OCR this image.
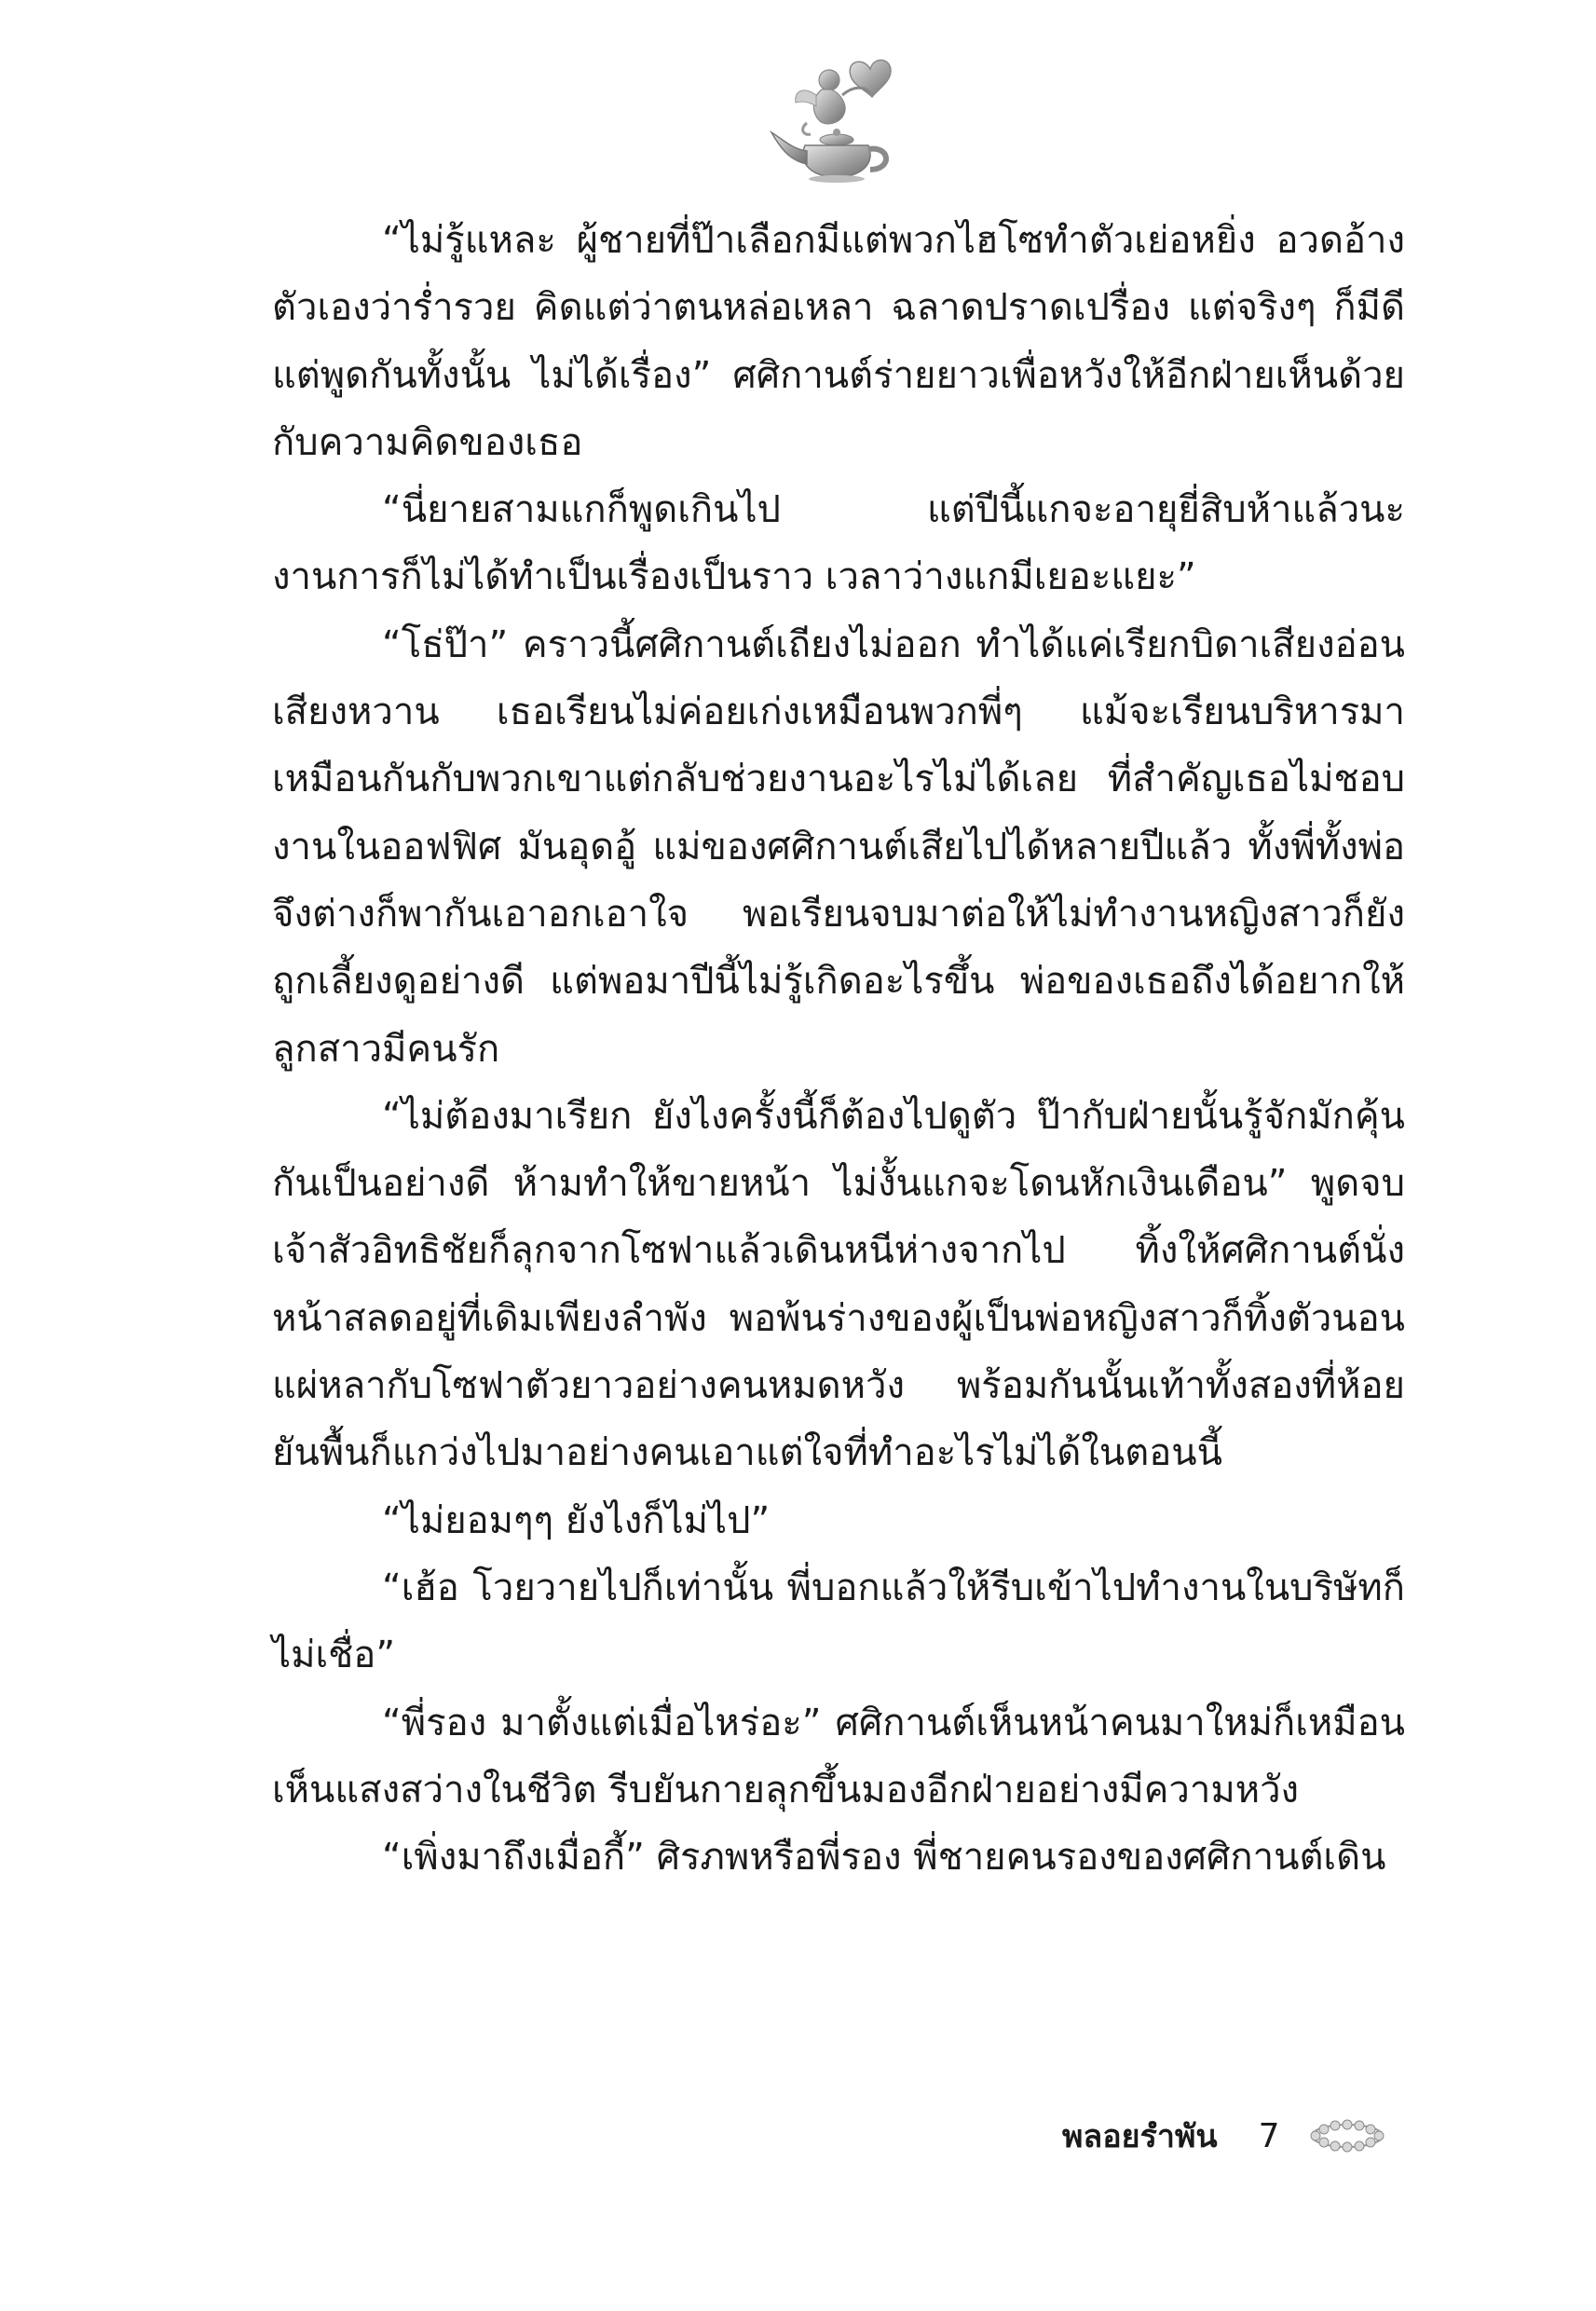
“ไม่รู้แหละ ผู้ชายที่ป๊าเลือกมีแต่พวกไฮโซทำตัวเย่อหยิ่ง อวดอ้างตัวเองว่าร่ำรวย คิดแต่ว่าตนหล่อเหลา ฉลาดปราดเปรื่อง แต่จริงๆ ก็มีดีแต่พูดกันทั้งนั้น ไม่ได้เรื่อง” ศศิกานต์ร่ายยาวเพื่อหวังให้อีกฝ่ายเห็นด้วยกับความคิดของเธอ

“นี่ยายสามแกก็พูดเกินไป แต่ปีนี้แกจะอายุยี่สิบห้าแล้วนะ งานการก็ไม่ได้ทำเป็นเรื่องเป็นราว เวลาว่างแกมีเยอะแยะ”

“โธ่ป๊า” คราวนี้ศศิกานต์เถียงไม่ออก ทำได้แค่เรียกบิดาเสียงอ่อนเสียงหวาน เธอเรียนไม่ค่อยเก่งเหมือนพวกพี่ๆ แม้จะเรียนบริหารมาเหมือนกันกับพวกเขาแต่กลับช่วยงานอะไรไม่ได้เลย ที่สำคัญเธอไม่ชอบงานในออฟฟิศ มันอุดอู้ แม่ของศศิกานต์เสียไปได้หลายปีแล้ว ทั้งพี่ทั้งพ่อจึงต่างก็พากันเอาอกเอาใจ พอเรียนจบมาต่อให้ไม่ทำงานหญิงสาวก็ยังถูกเลี้ยงดูอย่างดี แต่พอมาปีนี้ไม่รู้เกิดอะไรขึ้น พ่อของเธอถึงได้อยากให้ลูกสาวมีคนรัก

“ไม่ต้องมาเรียก ยังไงครั้งนี้ก็ต้องไปดูตัว ป๊ากับฝ่ายนั้นรู้จักมักคุ้นกันเป็นอย่างดี ห้ามทำให้ขายหน้า ไม่งั้นแกจะโดนหักเงินเดือน” พูดจบเจ้าสัวอิทธิชัยก็ลุกจากโซฟาแล้วเดินหนีห่างจากไป ทิ้งให้ศศิกานต์นั่งหน้าสลดอยู่ที่เดิมเพียงลำพัง พอพ้นร่างของผู้เป็นพ่อหญิงสาวก็ทิ้งตัวนอนแผ่หลากับโซฟาตัวยาวอย่างคนหมดหวัง พร้อมกันนั้นเท้าทั้งสองที่ห้อยยันพื้นก็แกว่งไปมาอย่างคนเอาแต่ใจที่ทำอะไรไม่ได้ในตอนนี้

“ไม่ยอมๆๆ ยังไงก็ไม่ไป”

“เฮ้อ โวยวายไปก็เท่านั้น พี่บอกแล้วให้รีบเข้าไปทำงานในบริษัทก็ไม่เชื่อ”

“พี่รอง มาตั้งแต่เมื่อไหร่อะ” ศศิกานต์เห็นหน้าคนมาใหม่ก็เหมือนเห็นแสงสว่างในชีวิต รีบยันกายลุกขึ้นมองอีกฝ่ายอย่างมีความหวัง

“เพิ่งมาถึงเมื่อกี้” ศิรภพหรือพี่รอง พี่ชายคนรองของศศิกานต์เดิน

พลอยรำพัน 7
